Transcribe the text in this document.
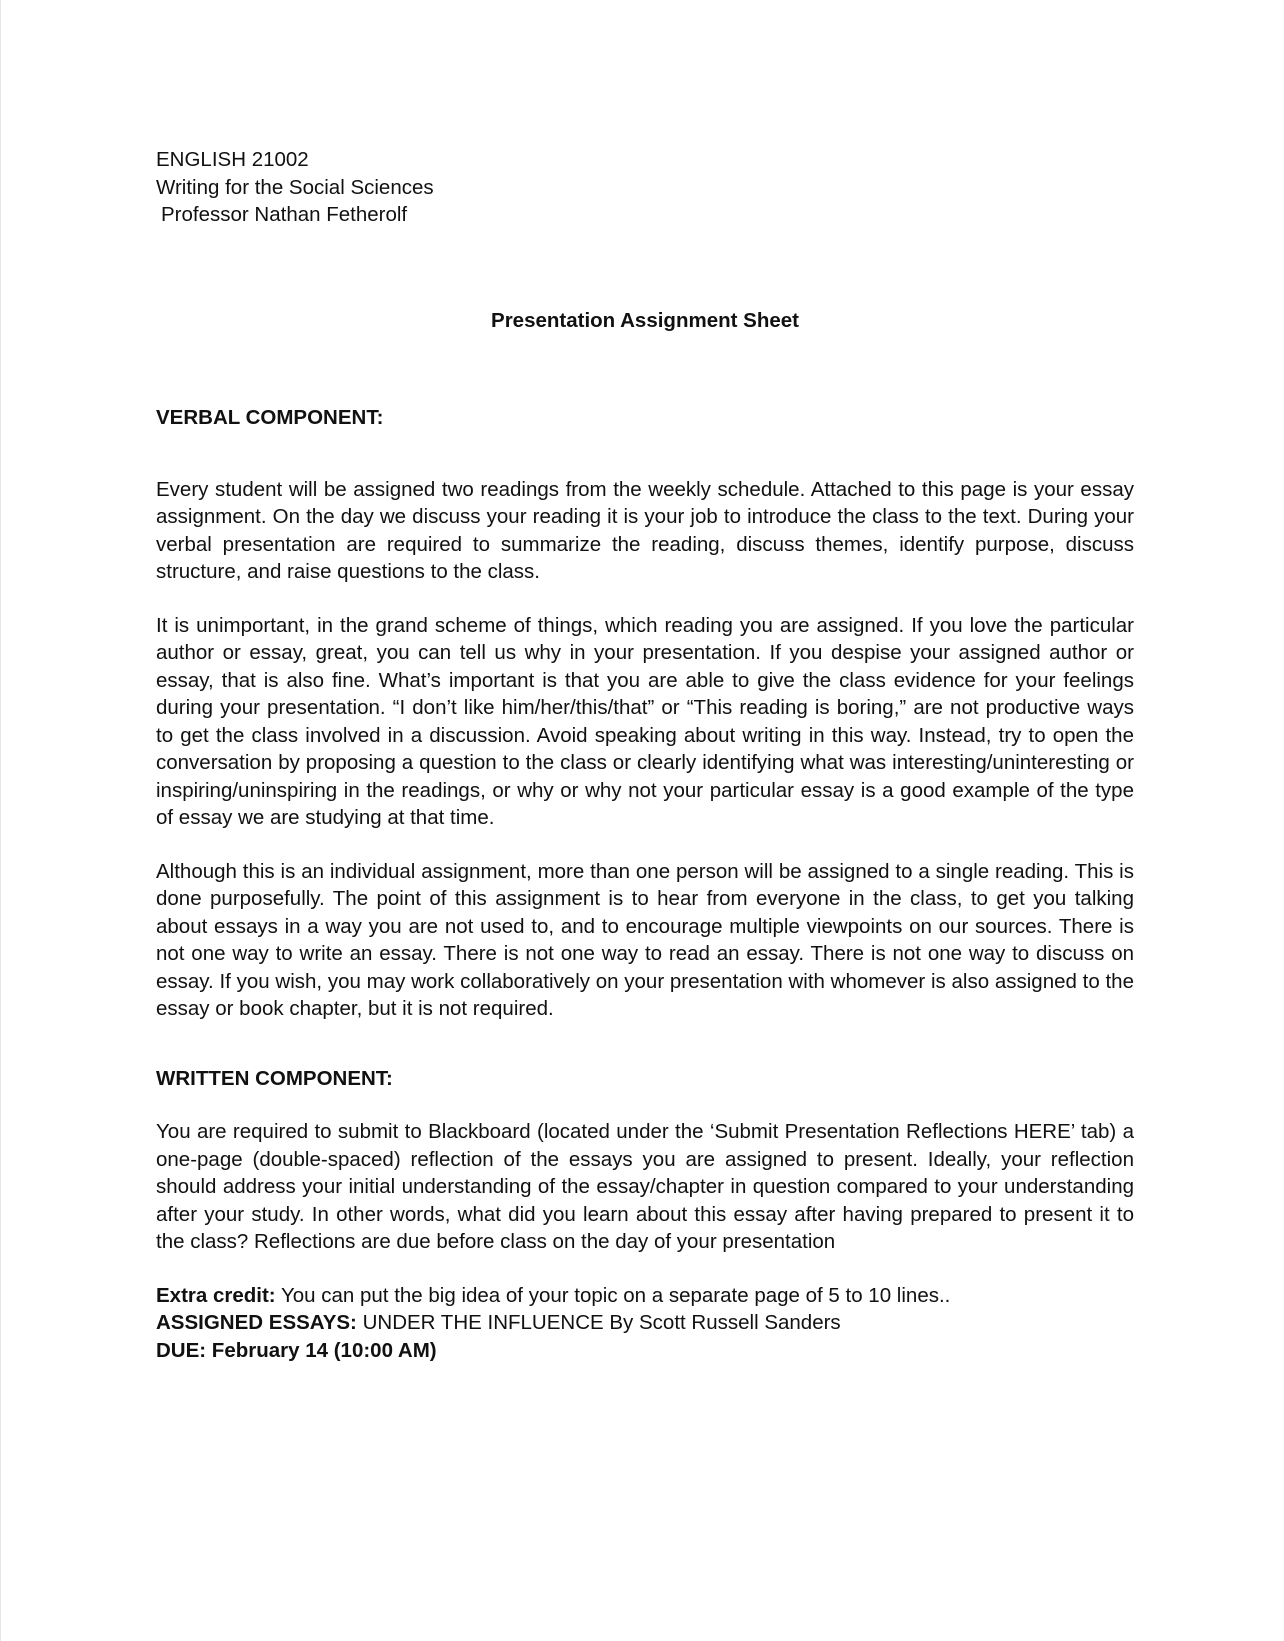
ENGLISH 21002

Writing for the Social Sciences

Professor Nathan Fetherolf

Presentation Assignment Sheet

VERBAL COMPONENT:

Every student will be assigned two readings from the weekly schedule. Attached to this page is your essay assignment. On the day we discuss your reading it is your job to introduce the class to the text. During your verbal presentation are required to summarize the reading, discuss themes, identify purpose, discuss structure, and raise questions to the class.

It is unimportant, in the grand scheme of things, which reading you are assigned. If you love the particular author or essay, great, you can tell us why in your presentation. If you despise your assigned author or essay, that is also fine. What’s important is that you are able to give the class evidence for your feelings during your presentation. “I don’t like him/her/this/that” or “This reading is boring,” are not productive ways to get the class involved in a discussion. Avoid speaking about writing in this way. Instead, try to open the conversation by proposing a question to the class or clearly identifying what was interesting/uninteresting or inspiring/uninspiring in the readings, or why or why not your particular essay is a good example of the type of essay we are studying at that time.

Although this is an individual assignment, more than one person will be assigned to a single reading. This is done purposefully. The point of this assignment is to hear from everyone in the class, to get you talking about essays in a way you are not used to, and to encourage multiple viewpoints on our sources. There is not one way to write an essay. There is not one way to read an essay. There is not one way to discuss on essay. If you wish, you may work collaboratively on your presentation with whomever is also assigned to the essay or book chapter, but it is not required.

WRITTEN COMPONENT:

You are required to submit to Blackboard (located under the ‘Submit Presentation Reflections HERE’ tab) a one-page (double-spaced) reflection of the essays you are assigned to present. Ideally, your reflection should address your initial understanding of the essay/chapter in question compared to your understanding after your study. In other words, what did you learn about this essay after having prepared to present it to the class? Reflections are due before class on the day of your presentation

Extra credit: You can put the big idea of your topic on a separate page of 5 to 10 lines..

ASSIGNED ESSAYS: UNDER THE INFLUENCE By Scott Russell Sanders

DUE: February 14 (10:00 AM)
